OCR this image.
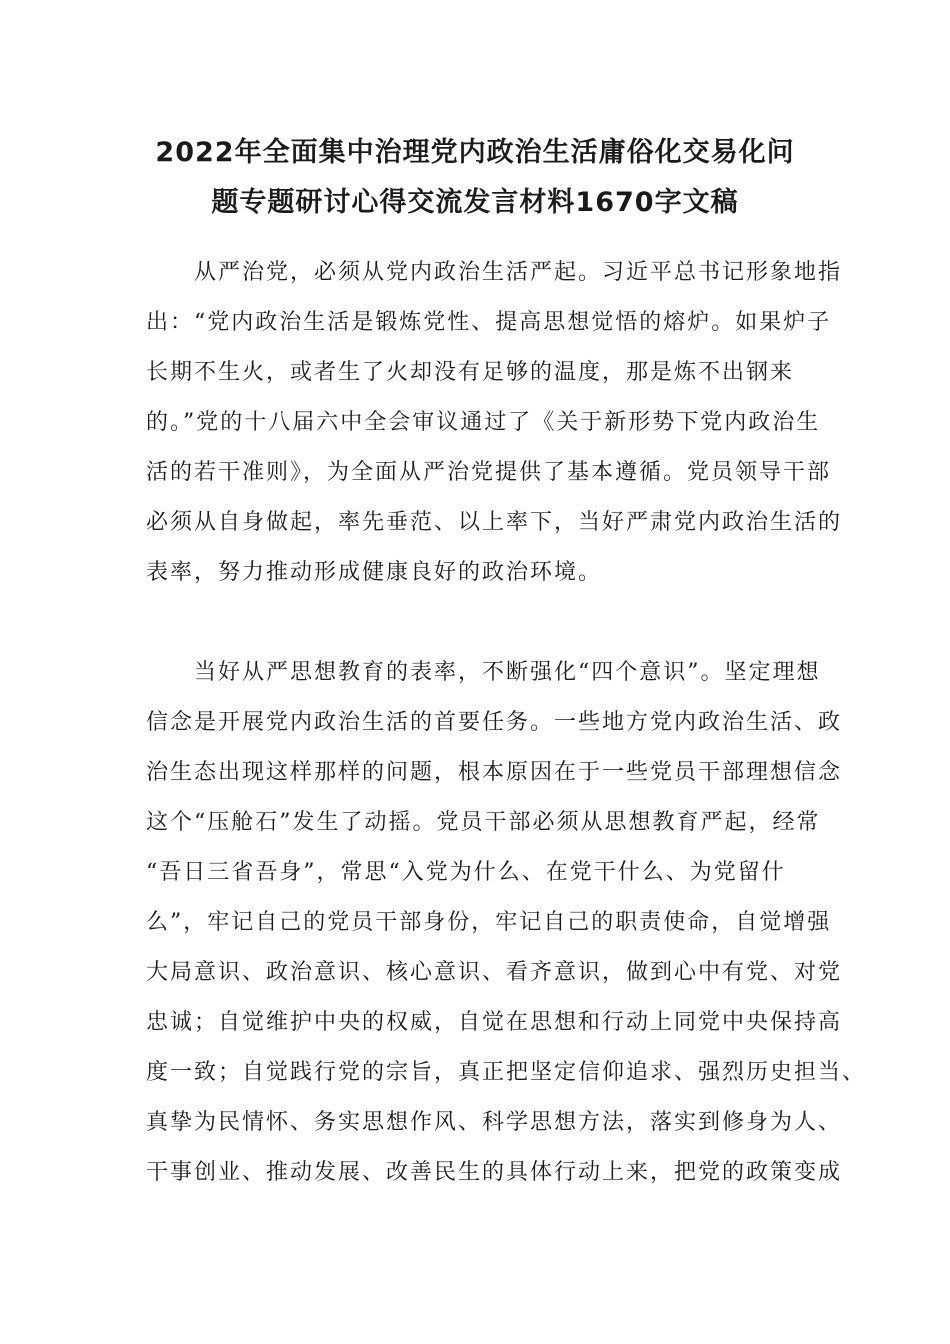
2022年全面集中治理党内政治生活庸俗化交易化问
题专题研讨心得交流发言材料1670字文稿

　　从严治党，必须从党内政治生活严起。习近平总书记形象地指
出：“党内政治生活是锻炼党性、提高思想觉悟的熔炉。如果炉子
长期不生火，或者生了火却没有足够的温度，那是炼不出钢来
的。”党的十八届六中全会审议通过了《关于新形势下党内政治生
活的若干准则》，为全面从严治党提供了基本遵循。党员领导干部
必须从自身做起，率先垂范、以上率下，当好严肃党内政治生活的
表率，努力推动形成健康良好的政治环境。

　　当好从严思想教育的表率，不断强化“四个意识”。坚定理想
信念是开展党内政治生活的首要任务。一些地方党内政治生活、政
治生态出现这样那样的问题，根本原因在于一些党员干部理想信念
这个“压舱石”发生了动摇。党员干部必须从思想教育严起，经常
“吾日三省吾身”，常思“入党为什么、在党干什么、为党留什
么”，牢记自己的党员干部身份，牢记自己的职责使命，自觉增强
大局意识、政治意识、核心意识、看齐意识，做到心中有党、对党
忠诚；自觉维护中央的权威，自觉在思想和行动上同党中央保持高
度一致；自觉践行党的宗旨，真正把坚定信仰追求、强烈历史担当、
真挚为民情怀、务实思想作风、科学思想方法，落实到修身为人、
干事创业、推动发展、改善民生的具体行动上来，把党的政策变成
